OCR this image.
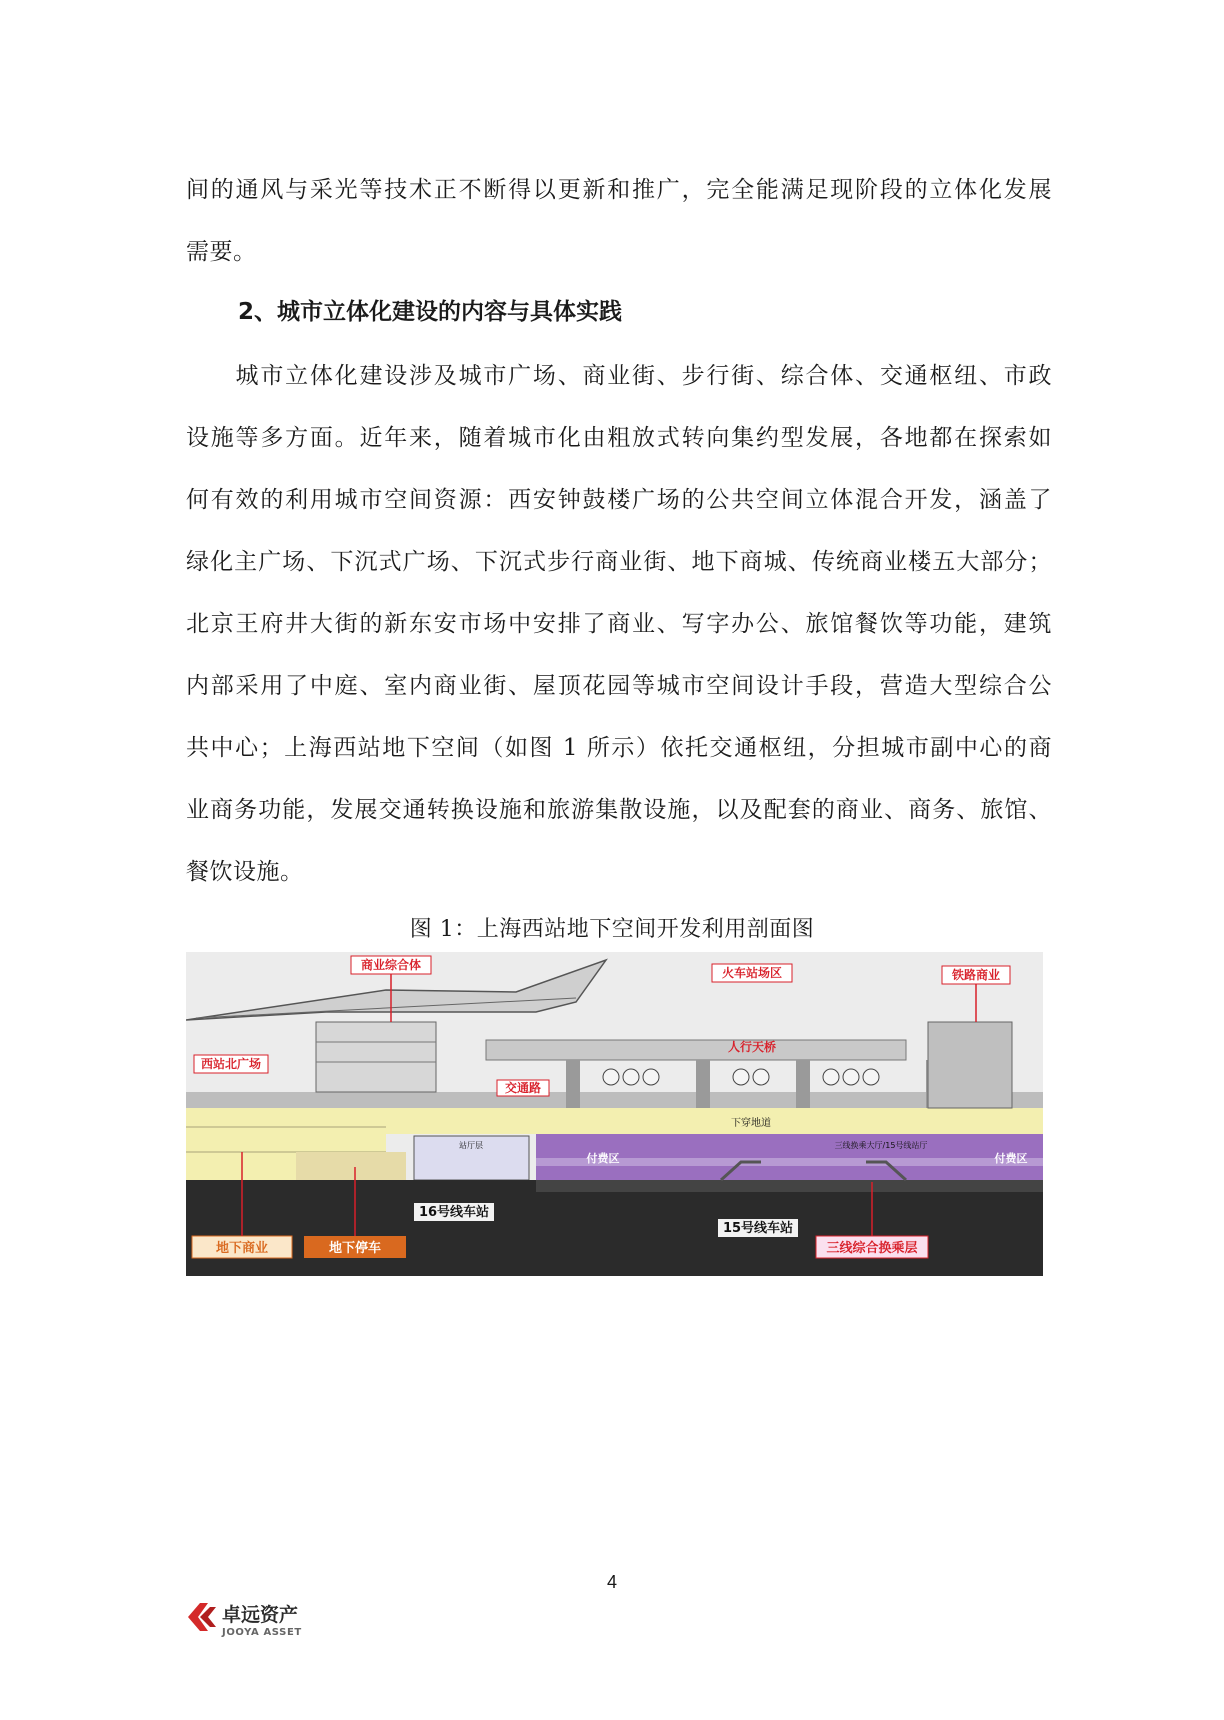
间的通风与采光等技术正不断得以更新和推广，完全能满足现阶段的立体化发展
需要。
2、城市立体化建设的内容与具体实践
　　城市立体化建设涉及城市广场、商业街、步行街、综合体、交通枢纽、市政
设施等多方面。近年来，随着城市化由粗放式转向集约型发展，各地都在探索如
何有效的利用城市空间资源：西安钟鼓楼广场的公共空间立体混合开发，涵盖了
绿化主广场、下沉式广场、下沉式步行商业街、地下商城、传统商业楼五大部分；
北京王府井大街的新东安市场中安排了商业、写字办公、旅馆餐饮等功能，建筑
内部采用了中庭、室内商业街、屋顶花园等城市空间设计手段，营造大型综合公
共中心；上海西站地下空间（如图 1 所示）依托交通枢纽，分担城市副中心的商
业商务功能，发展交通转换设施和旅游集散设施，以及配套的商业、商务、旅馆、
餐饮设施。
图 1：上海西站地下空间开发利用剖面图
商业综合体
火车站场区	铁路商业
西站北广场
人行天桥
交通路
付费区	付费区
下穿地道
三线换乘大厅/15号线站厅
站厅层
16号线车站
15号线车站
地下商业	地下停车	三线综合换乘层
4
卓远资产
JOOYA ASSET
